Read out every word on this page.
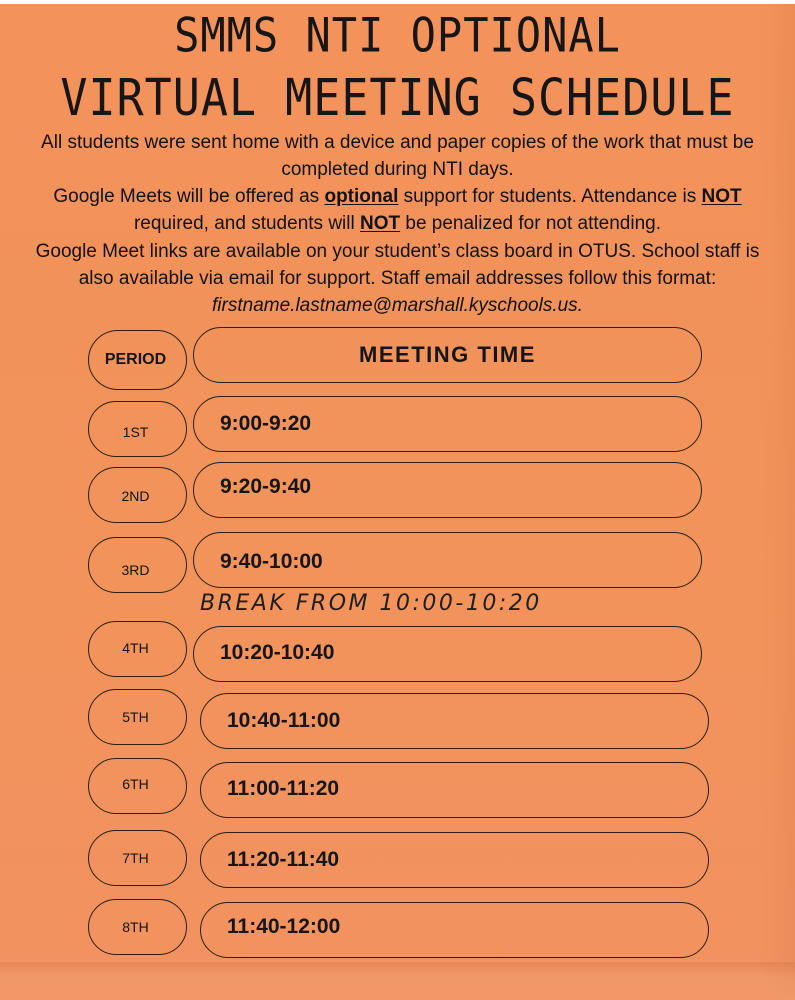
SMMS NTI OPTIONAL
VIRTUAL MEETING SCHEDULE
All students were sent home with a device and paper copies of the work that must be completed during NTI days.
Google Meets will be offered as optional support for students. Attendance is NOT required, and students will NOT be penalized for not attending.
Google Meet links are available on your student’s class board in OTUS. School staff is also available via email for support. Staff email addresses follow this format: firstname.lastname@marshall.kyschools.us.
PERIOD	MEETING TIME
1ST	9:00-9:20
2ND	9:20-9:40
3RD	9:40-10:00
BREAK FROM 10:00-10:20
4TH	10:20-10:40
5TH	10:40-11:00
6TH	11:00-11:20
7TH	11:20-11:40
8TH	11:40-12:00
